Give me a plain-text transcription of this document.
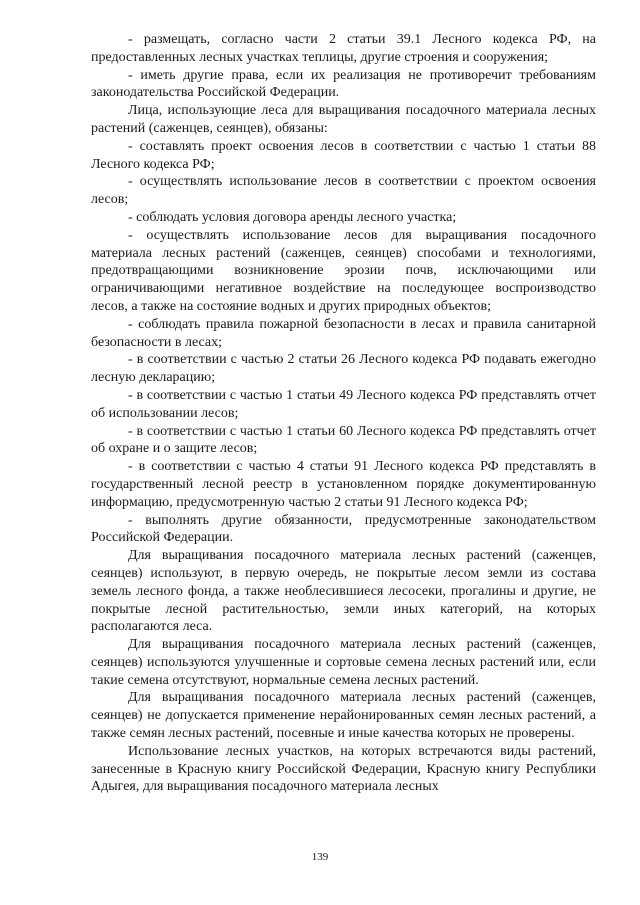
- размещать, согласно части 2 статьи 39.1 Лесного кодекса РФ, на предоставленных лесных участках теплицы, другие строения и сооружения;

- иметь другие права, если их реализация не противоречит требованиям законодательства Российской Федерации.

Лица, использующие леса для выращивания посадочного материала лесных растений (саженцев, сеянцев), обязаны:

- составлять проект освоения лесов в соответствии с частью 1 статьи 88 Лесного кодекса РФ;

- осуществлять использование лесов в соответствии с проектом освоения лесов;

- соблюдать условия договора аренды лесного участка;

- осуществлять использование лесов для выращивания посадочного материала лесных растений (саженцев, сеянцев) способами и технологиями, предотвращающими возникновение эрозии почв, исключающими или ограничивающими негативное воздействие на последующее воспроизводство лесов, а также на состояние водных и других природных объектов;

- соблюдать правила пожарной безопасности в лесах и правила санитарной безопасности в лесах;

- в соответствии с частью 2 статьи 26 Лесного кодекса РФ подавать ежегодно лесную декларацию;

- в соответствии с частью 1 статьи 49 Лесного кодекса РФ представлять отчет об использовании лесов;

- в соответствии с частью 1 статьи 60 Лесного кодекса РФ представлять отчет об охране и о защите лесов;

- в соответствии с частью 4 статьи 91 Лесного кодекса РФ представлять в государственный лесной реестр в установленном порядке документированную информацию, предусмотренную частью 2 статьи 91 Лесного кодекса РФ;

- выполнять другие обязанности, предусмотренные законодательством Российской Федерации.

Для выращивания посадочного материала лесных растений (саженцев, сеянцев) используют, в первую очередь, не покрытые лесом земли из состава земель лесного фонда, а также необлесившиеся лесосеки, прогалины и другие, не покрытые лесной растительностью, земли иных категорий, на которых располагаются леса.

Для выращивания посадочного материала лесных растений (саженцев, сеянцев) используются улучшенные и сортовые семена лесных растений или, если такие семена отсутствуют, нормальные семена лесных растений.

Для выращивания посадочного материала лесных растений (саженцев, сеянцев) не допускается применение нерайонированных семян лесных растений, а также семян лесных растений, посевные и иные качества которых не проверены.

Использование лесных участков, на которых встречаются виды растений, занесенные в Красную книгу Российской Федерации, Красную книгу Республики Адыгея, для выращивания посадочного материала лесных

139
